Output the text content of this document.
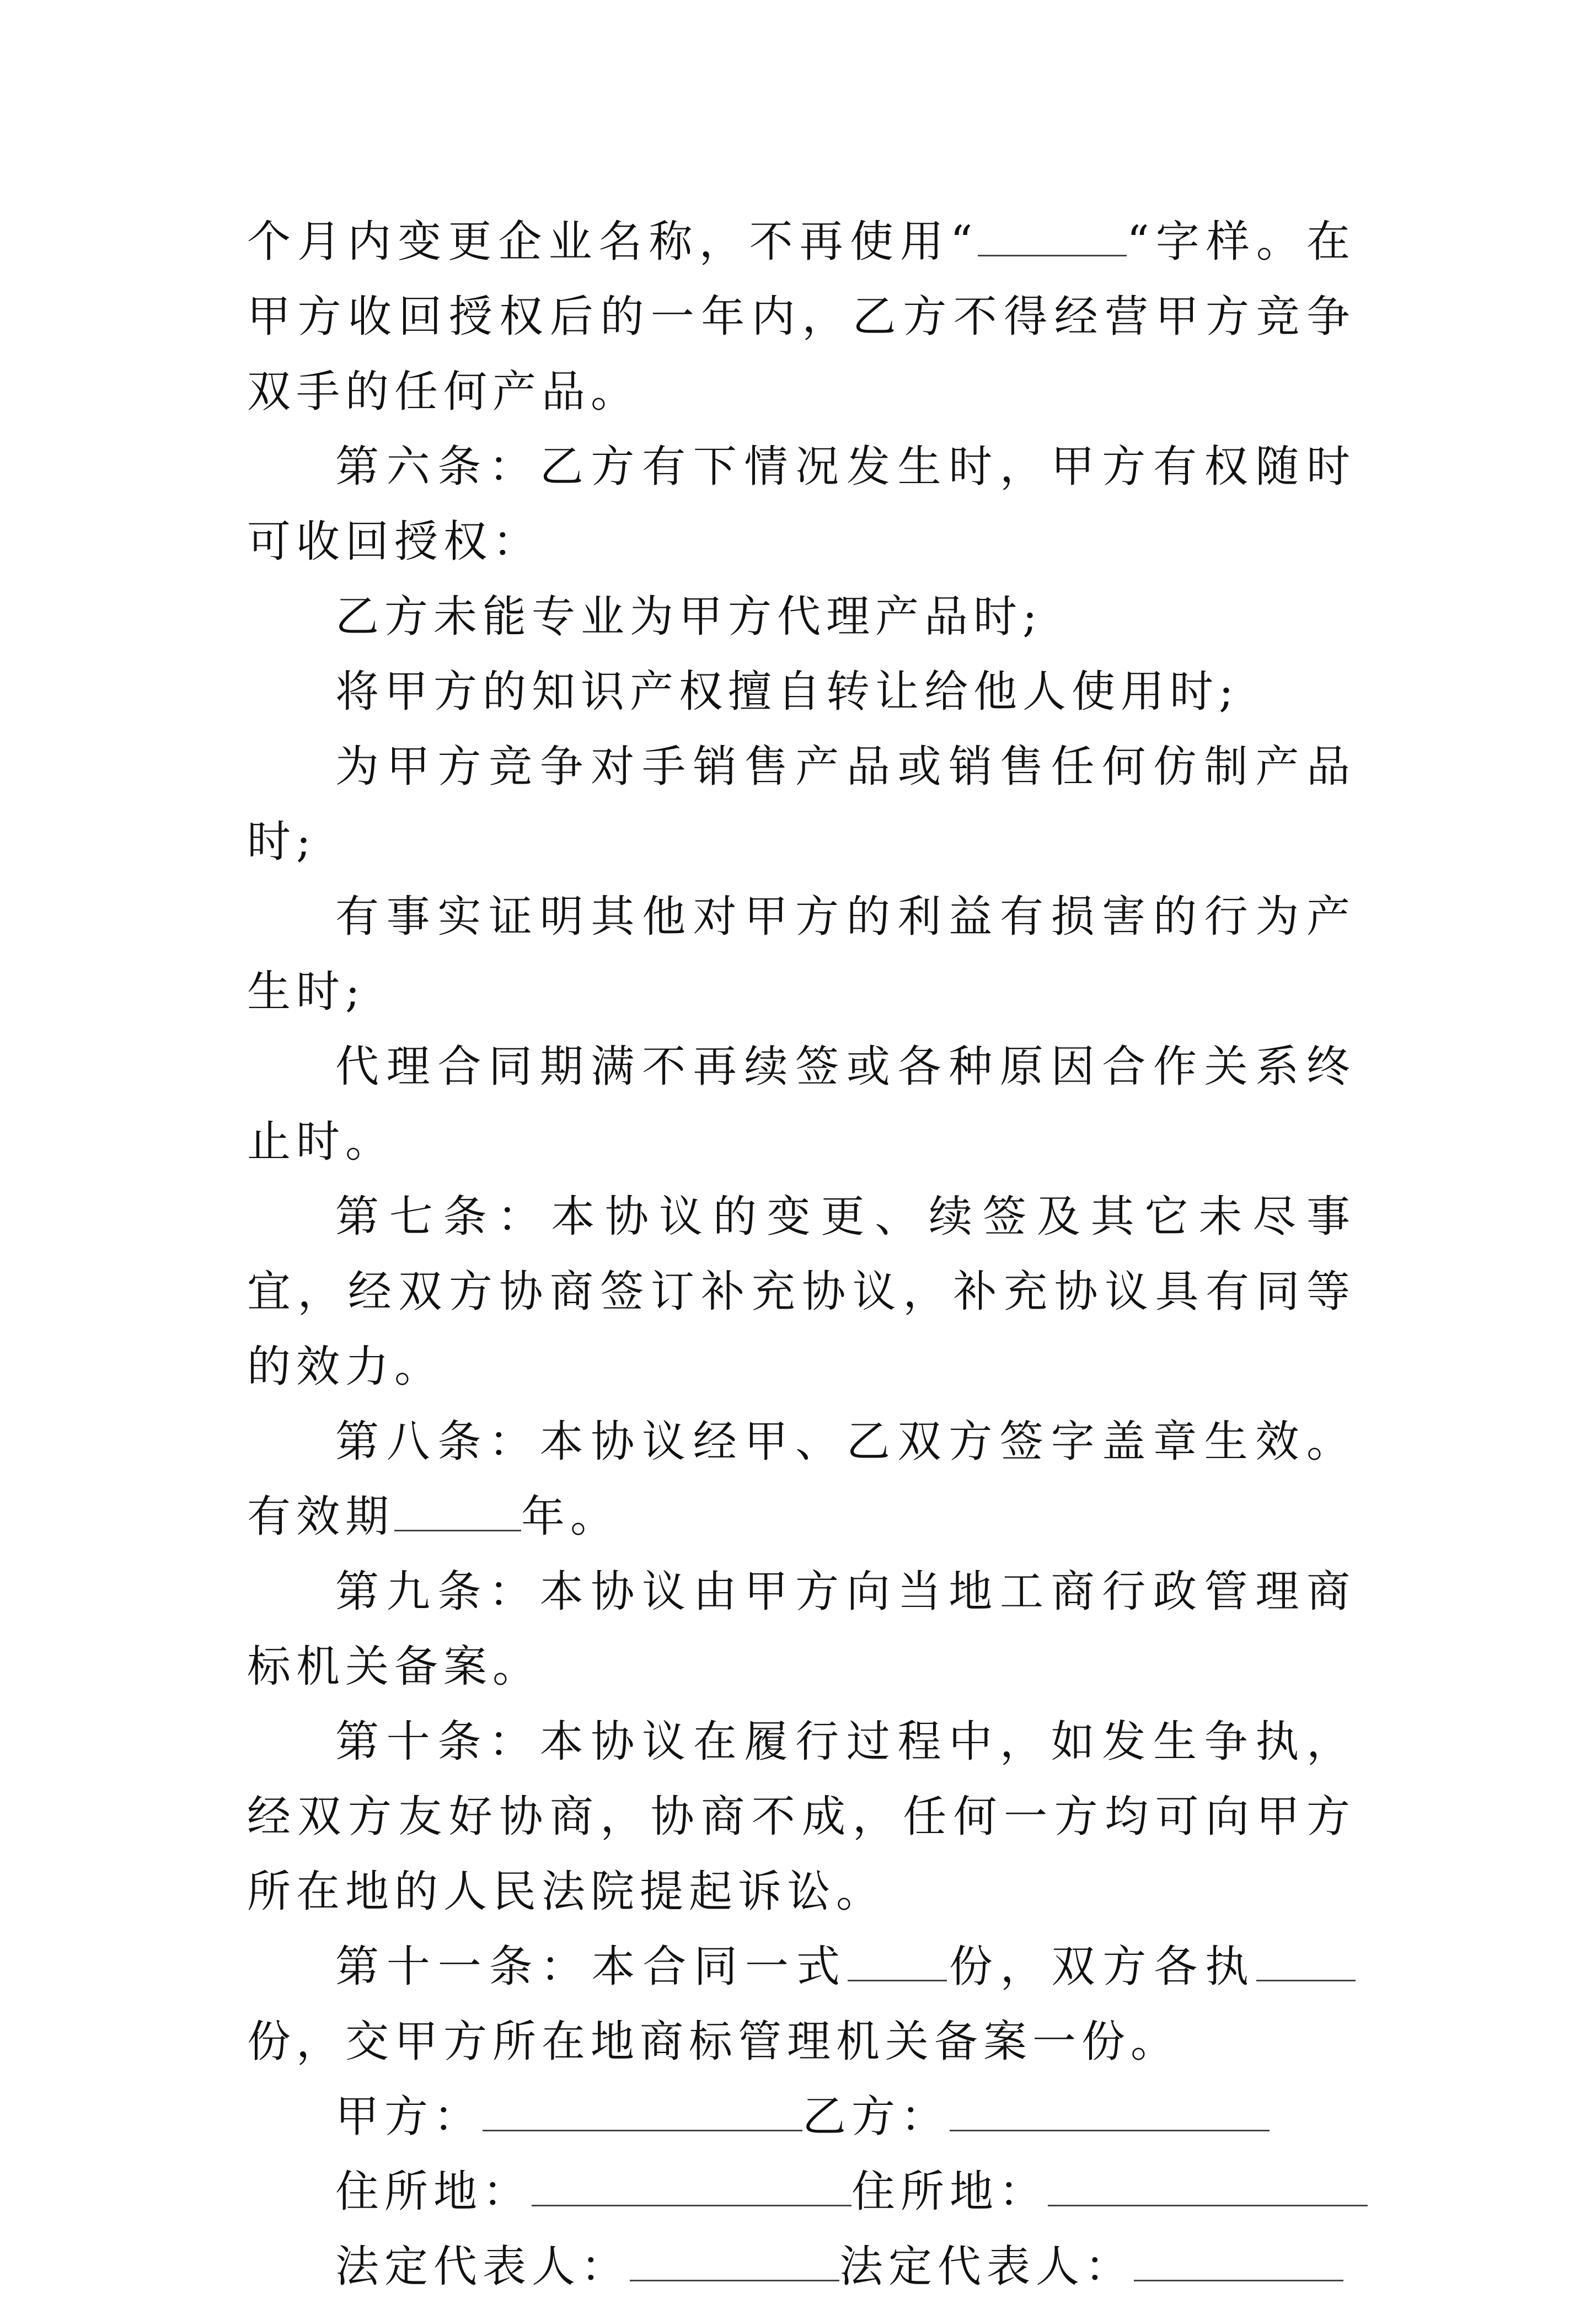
个月内变更企业名称，不再使用“	“字样。在甲方收回授权后的一年内，乙方不得经营甲方竞争双手的任何产品。

第六条：乙方有下情况发生时，甲方有权随时可收回授权：

乙方未能专业为甲方代理产品时;

将甲方的知识产权擅自转让给他人使用时;

为甲方竞争对手销售产品或销售任何仿制产品时;

有事实证明其他对甲方的利益有损害的行为产生时;

代理合同期满不再续签或各种原因合作关系终止时。

第七条：本协议的变更、续签及其它未尽事宜，经双方协商签订补充协议，补充协议具有同等的效力。

第八条：本协议经甲、乙双方签字盖章生效。有效期	年。

第九条：本协议由甲方向当地工商行政管理商标机关备案。

第十条：本协议在履行过程中，如发生争执，经双方友好协商，协商不成，任何一方均可向甲方所在地的人民法院提起诉讼。

第十一条：本合同一式 份，双方各执份，交甲方所在地商标管理机关备案一份。

甲方：	乙方：

住所地：	住所地：

法定代表人：	法定代表人：
